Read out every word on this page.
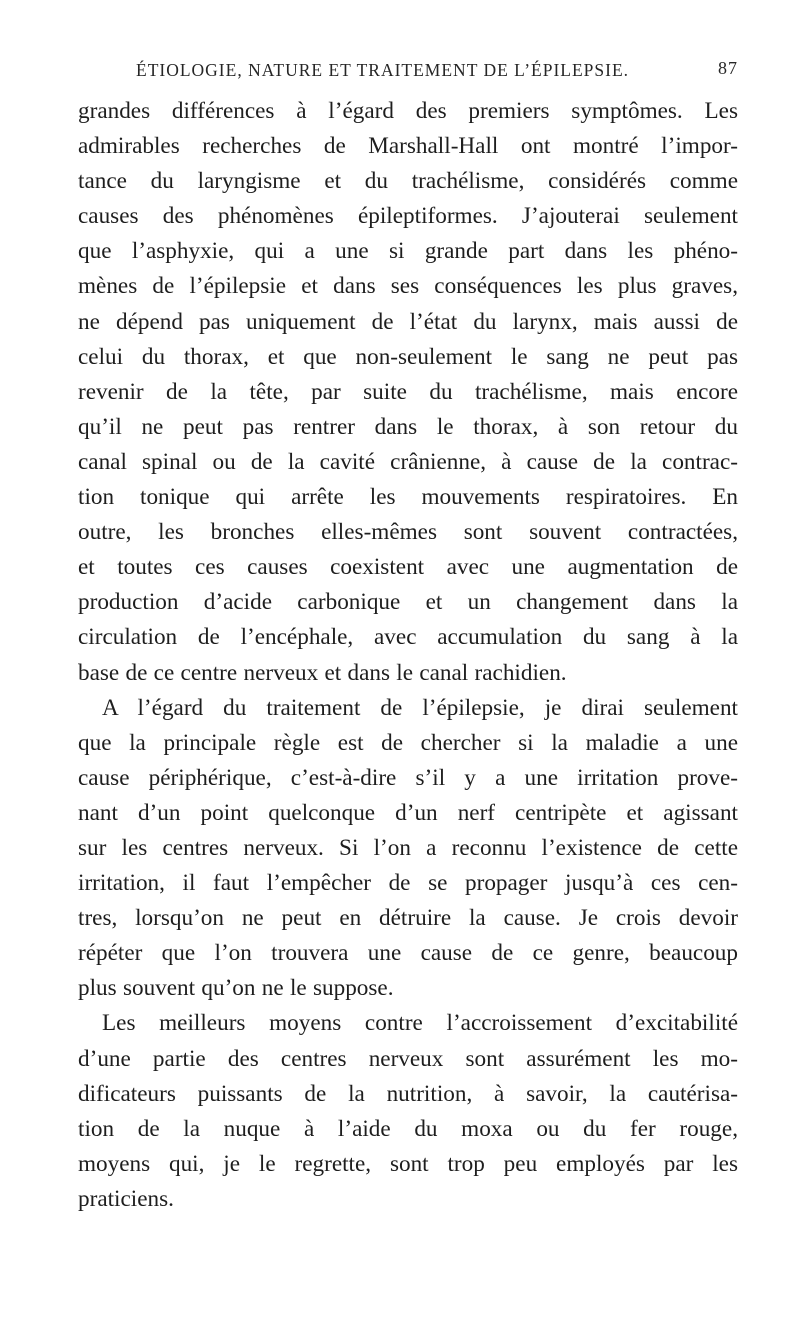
ÉTIOLOGIE, NATURE ET TRAITEMENT DE L’ÉPILEPSIE.	87
grandes différences à l’égard des premiers symptômes. Les
admirables recherches de Marshall-Hall ont montré l’impor-
tance du laryngisme et du trachélisme, considérés comme
causes des phénomènes épileptiformes. J’ajouterai seulement
que l’asphyxie, qui a une si grande part dans les phéno-
mènes de l’épilepsie et dans ses conséquences les plus graves,
ne dépend pas uniquement de l’état du larynx, mais aussi de
celui du thorax, et que non-seulement le sang ne peut pas
revenir de la tête, par suite du trachélisme, mais encore
qu’il ne peut pas rentrer dans le thorax, à son retour du
canal spinal ou de la cavité crânienne, à cause de la contrac-
tion tonique qui arrête les mouvements respiratoires. En
outre, les bronches elles-mêmes sont souvent contractées,
et toutes ces causes coexistent avec une augmentation de
production d’acide carbonique et un changement dans la
circulation de l’encéphale, avec accumulation du sang à la
base de ce centre nerveux et dans le canal rachidien.
A l’égard du traitement de l’épilepsie, je dirai seulement
que la principale règle est de chercher si la maladie a une
cause périphérique, c’est-à-dire s’il y a une irritation prove-
nant d’un point quelconque d’un nerf centripète et agissant
sur les centres nerveux. Si l’on a reconnu l’existence de cette
irritation, il faut l’empêcher de se propager jusqu’à ces cen-
tres, lorsqu’on ne peut en détruire la cause. Je crois devoir
répéter que l’on trouvera une cause de ce genre, beaucoup
plus souvent qu’on ne le suppose.
Les meilleurs moyens contre l’accroissement d’excitabilité
d’une partie des centres nerveux sont assurément les mo-
dificateurs puissants de la nutrition, à savoir, la cautérisa-
tion de la nuque à l’aide du moxa ou du fer rouge,
moyens qui, je le regrette, sont trop peu employés par les
praticiens.
